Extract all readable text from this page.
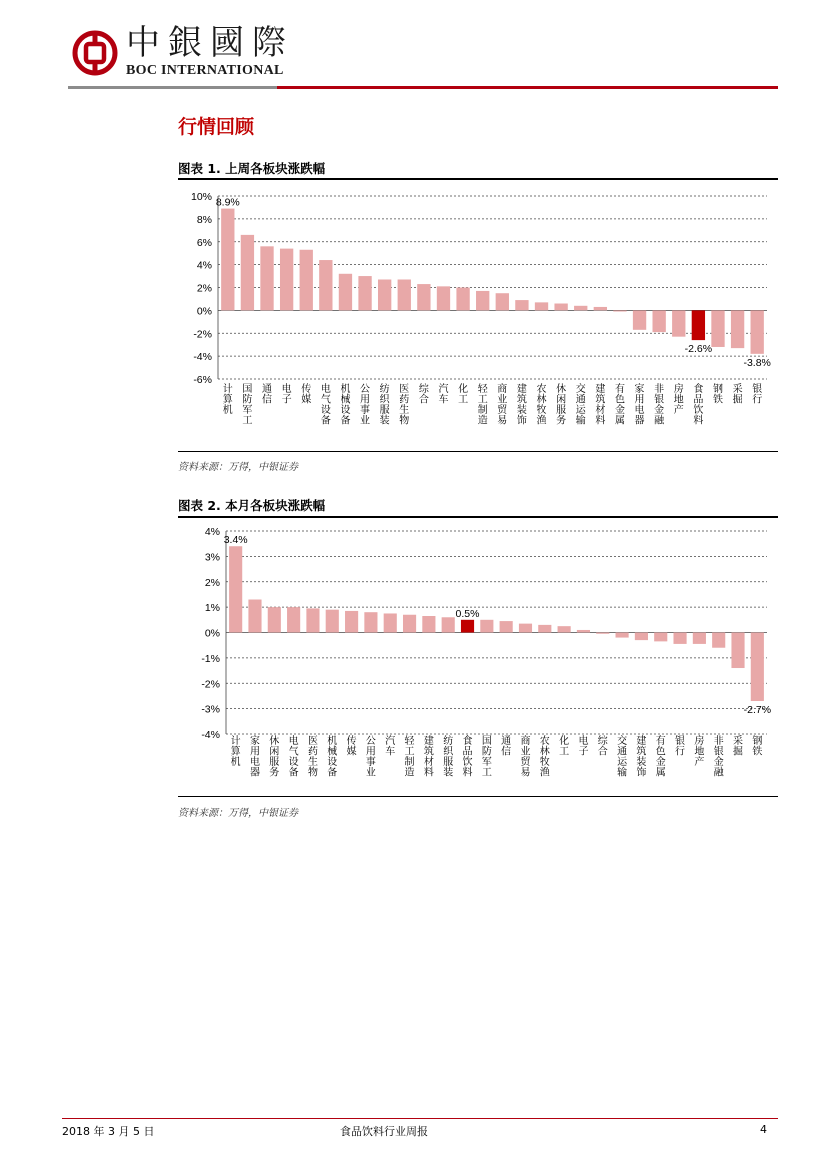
中銀國際
BOC INTERNATIONAL
行情回顾
图表 1. 上周各板块涨跌幅
10%
8%
6%
4%
2%
0%
-2%
-4%
-6%
计算机
国防军工
通信
电子
传媒
电气设备
机械设备
公用事业
纺织服装
医药生物
综合
汽车
化工
轻工制造
商业贸易
建筑装饰
农林牧渔
休闲服务
交通运输
建筑材料
有色金属
家用电器
非银金融
房地产
食品饮料
钢铁
采掘
银行
8.9%
-2.6%
-3.8%
资料来源：万得，中银证券
图表 2. 本月各板块涨跌幅
4%
3%
2%
1%
0%
-1%
-2%
-3%
-4%
计算机
家用电器
休闲服务
电气设备
医药生物
机械设备
传媒
公用事业
汽车
轻工制造
建筑材料
纺织服装
食品饮料
国防军工
通信
商业贸易
农林牧渔
化工
电子
综合
交通运输
建筑装饰
有色金属
银行
房地产
非银金融
采掘
钢铁
3.4%
0.5%
-2.7%
资料来源：万得，中银证券
2018 年 3 月 5 日	食品饮料行业周报	4
